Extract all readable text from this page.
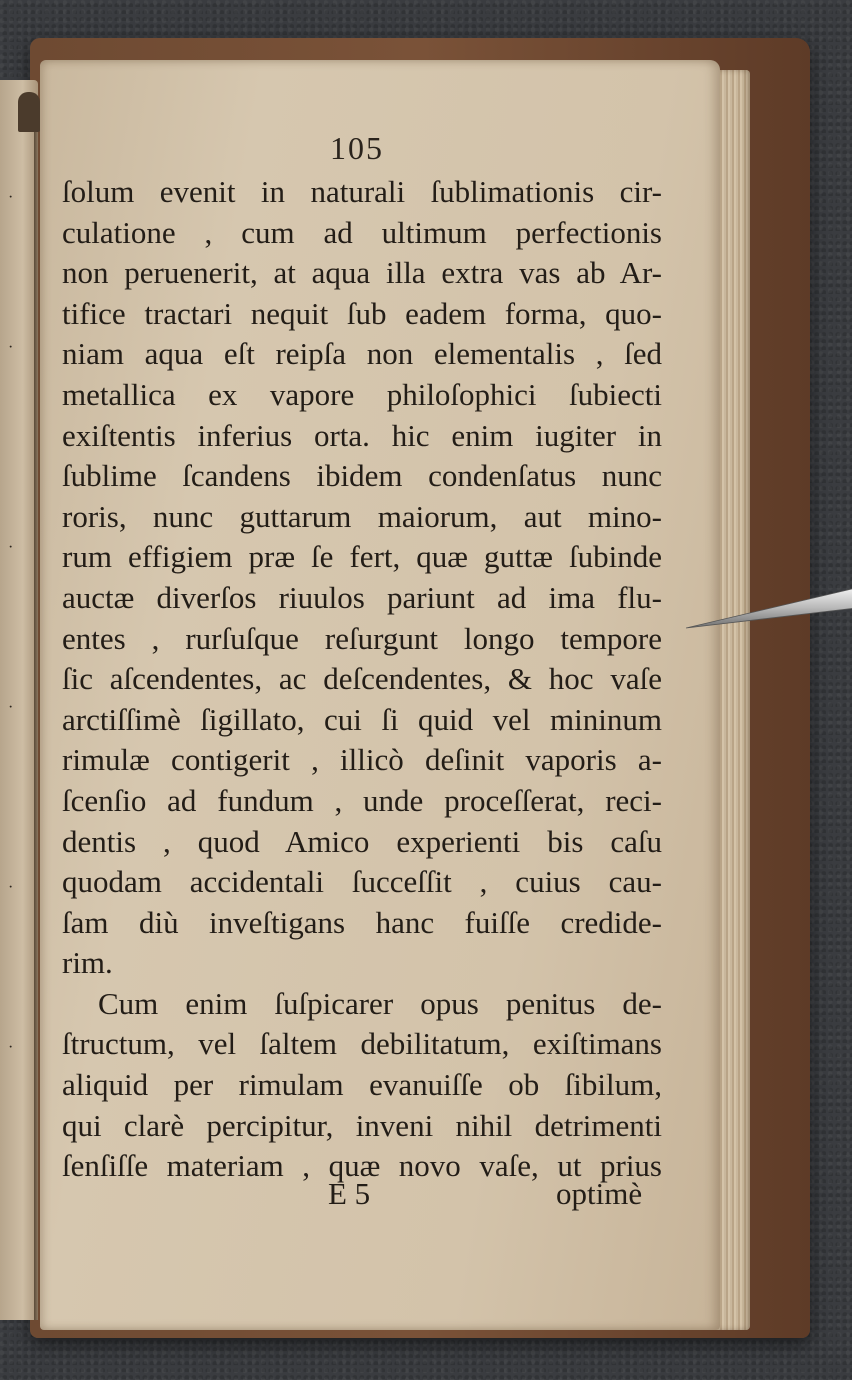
·
·
·
·
·
·
105
ſolum evenit in naturali ſublimationis cir-
culatione , cum ad ultimum perfectionis
non peruenerit, at aqua illa extra vas ab Ar-
tifice tractari nequit ſub eadem forma, quo-
niam aqua eſt reipſa non elementalis , ſed
metallica ex vapore philoſophici ſubiecti
exiſtentis inferius orta. hic enim iugiter in
ſublime ſcandens ibidem condenſatus nunc
roris, nunc guttarum maiorum, aut mino-
rum effigiem præ ſe fert, quæ guttæ ſubinde
auctæ diverſos riuulos pariunt ad ima flu-
entes , rurſuſque reſurgunt longo tempore
ſic aſcendentes, ac deſcendentes, & hoc vaſe
arctiſſimè ſigillato, cui ſi quid vel mininum
rimulæ contigerit , illicò deſinit vaporis a-
ſcenſio ad fundum , unde proceſſerat, reci-
dentis , quod Amico experienti bis caſu
quodam accidentali ſucceſſit , cuius cau-
ſam diù inveſtigans hanc fuiſſe credide-
rim.
Cum enim ſuſpicarer opus penitus de-
ſtructum, vel ſaltem debilitatum, exiſtimans
aliquid per rimulam evanuiſſe ob ſibilum,
qui clarè percipitur, inveni nihil detrimenti
ſenſiſſe materiam , quæ novo vaſe, ut prius
E 5	optimè
